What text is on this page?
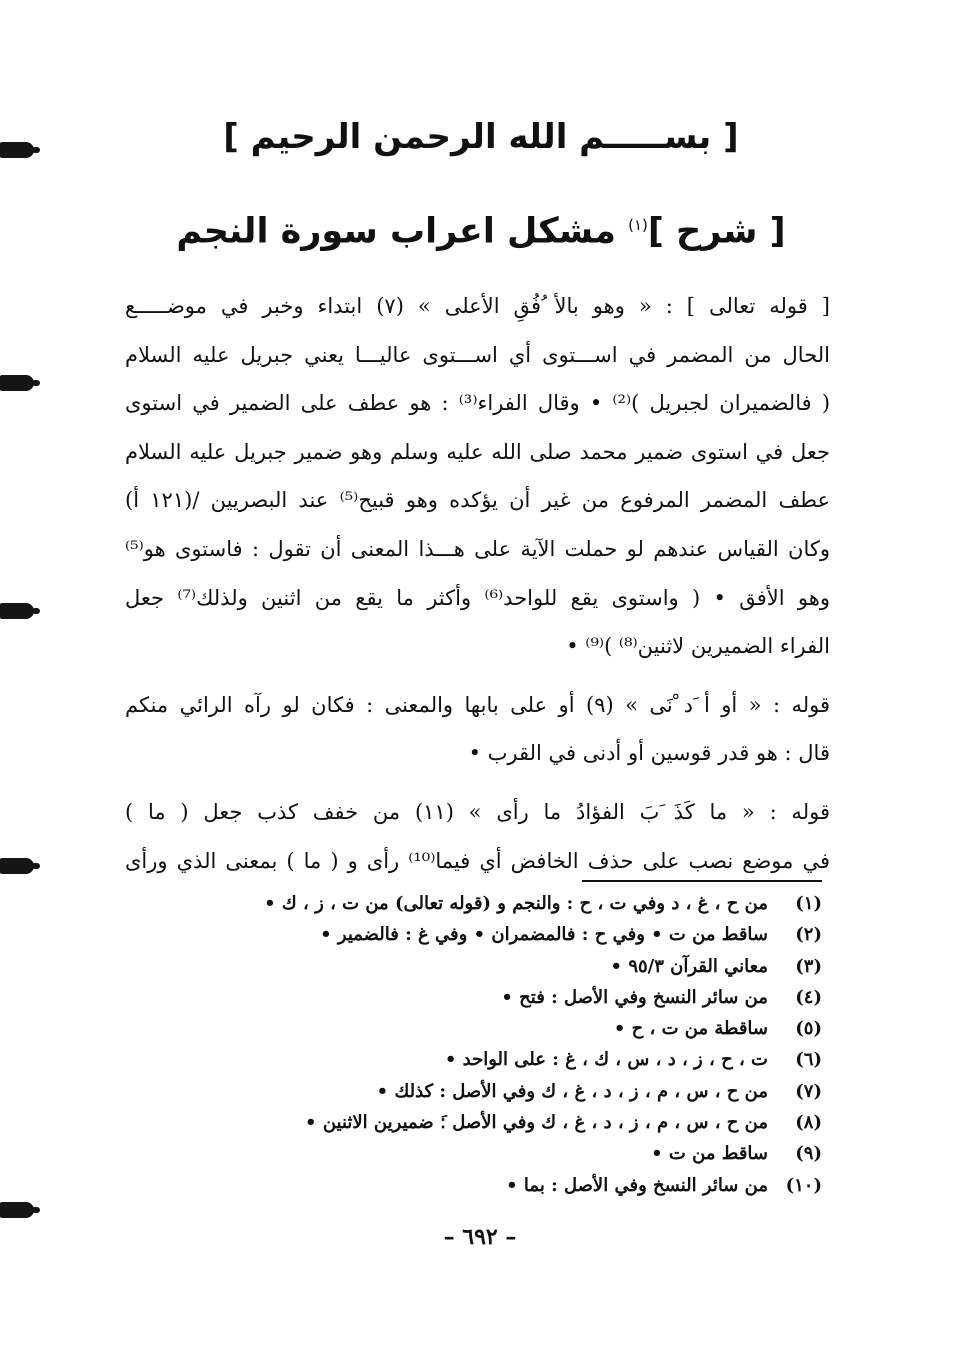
[ بســـــم الله الرحمن الرحيم ]
[ شرح ]$^{(١)}$ مشكل اعراب سورة النجم
[ قوله تعالى ] : « وهو بالأ ُفُقِ الأعلى » (٧) ابتداء وخبر في موضـــــع
الحال من المضمر في اســـتوى أي اســـتوى عاليـــا يعني جبريل عليه السلام
( فالضميران لجبريل )⁽²⁾ • وقال الفراء⁽³⁾ : هو عطف على الضمير في استوى
جعل في استوى ضمير محمد صلى الله عليه وسلم وهو ضمير جبريل عليه السلام
عطف المضمر المرفوع من غير أن يؤكده وهو قبيح⁽⁵⁾ عند البصريين /(١٢١ أ)
وكان القياس عندهم لو حملت الآية على هـــذا المعنى أن تقول : فاستوى هو⁽⁵⁾
وهو الأفق • ( واستوى يقع للواحد⁽⁶⁾ وأكثر ما يقع من اثنين ولذلك⁽⁷⁾ جعل
الفراء الضميرين لاثنين⁽⁸⁾ )⁽⁹⁾ •
قوله : « أو أ َد ْنَى » (٩) أو على بابها والمعنى : فكان لو رآه الرائي منكم
قال : هو قدر قوسين أو أدنى في القرب •
قوله : « ما كَذَ َبَ الفؤادُ ما رأى » (١١) من خفف كذب جعل ( ما )
في موضع نصب على حذف الخافض أي فيما⁽¹⁰⁾ رأى و ( ما ) بمعنى الذي ورأى
(١)
من ح ، غ ، د وفي ت ، ح : والنجم و (قوله تعالى) من ت ، ز ، ك •
(٢)
ساقط من ت • وفي ح : فالمضمران • وفي غ : فالضمير •
(٣)
معاني القرآن ٩٥/٣ •
(٤)
من سائر النسخ وفي الأصل : فتح •
(٥)
ساقطة من ت ، ح •
(٦)
ت ، ح ، ز ، د ، س ، ك ، غ : على الواحد •
(٧)
من ح ، س ، م ، ز ، د ، غ ، ك وفي الأصل : كذلك •
(٨)
من ح ، س ، م ، ز ، د ، غ ، ك وفي الأصل :َ ضميرين الاثنين •
(٩)
ساقط من ت •
(١٠)
من سائر النسخ وفي الأصل : بما •
– ٦٩٢ –
